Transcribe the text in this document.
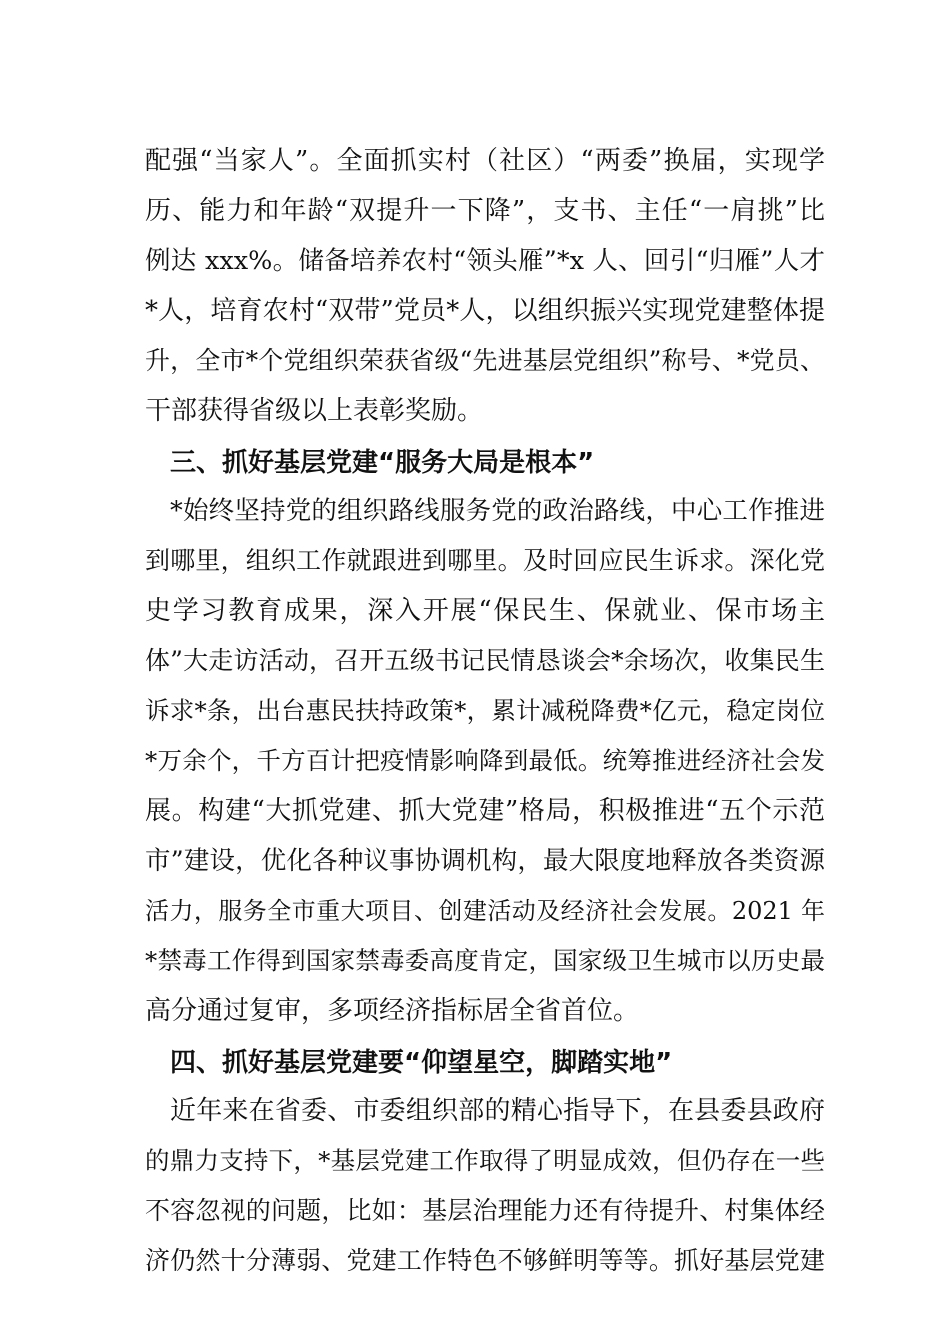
配强“当家人”。全面抓实村（社区）“两委”换届，实现学
历、能力和年龄“双提升一下降”，支书、主任“一肩挑”比
例达 xxx%。储备培养农村“领头雁”*x 人、回引“归雁”人才
*人，培育农村“双带”党员*人，以组织振兴实现党建整体提
升，全市*个党组织荣获省级“先进基层党组织”称号、*党员、
干部获得省级以上表彰奖励。
三、抓好基层党建“服务大局是根本”
*始终坚持党的组织路线服务党的政治路线，中心工作推进
到哪里，组织工作就跟进到哪里。及时回应民生诉求。深化党
史学习教育成果，深入开展“保民生、保就业、保市场主
体”大走访活动，召开五级书记民情恳谈会*余场次，收集民生
诉求*条，出台惠民扶持政策*，累计减税降费*亿元，稳定岗位
*万余个，千方百计把疫情影响降到最低。统筹推进经济社会发
展。构建“大抓党建、抓大党建”格局，积极推进“五个示范
市”建设，优化各种议事协调机构，最大限度地释放各类资源
活力，服务全市重大项目、创建活动及经济社会发展。2021 年
*禁毒工作得到国家禁毒委高度肯定，国家级卫生城市以历史最
高分通过复审，多项经济指标居全省首位。
四、抓好基层党建要“仰望星空，脚踏实地”
近年来在省委、市委组织部的精心指导下，在县委县政府
的鼎力支持下，*基层党建工作取得了明显成效，但仍存在一些
不容忽视的问题，比如：基层治理能力还有待提升、村集体经
济仍然十分薄弱、党建工作特色不够鲜明等等。抓好基层党建
